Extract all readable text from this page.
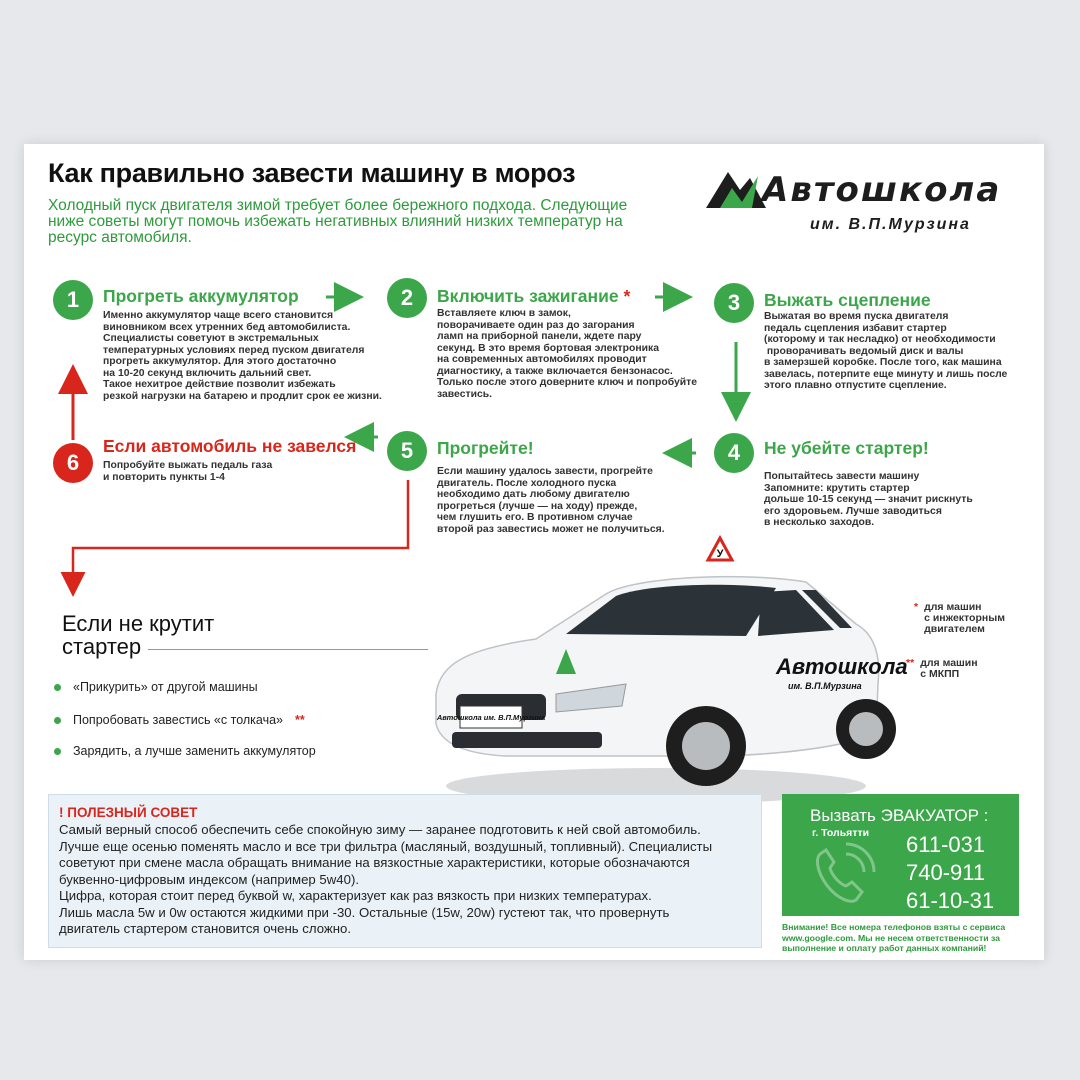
Как правильно завести машину в мороз
Холодный пуск двигателя зимой требует более бережного подхода. Следующие ниже советы могут помочь избежать негативных влияний низких температур на ресурс автомобиля.
Автошкола
им. В.П.Мурзина
1	Прогреть аккумулятор
Именно аккумулятор чаще всего становится
виновником всех утренних бед автомобилиста.
Специалисты советуют в экстремальных
температурных условиях перед пуском двигателя
прогреть аккумулятор. Для этого достаточно
на 10-20 секунд включить дальний свет.
Такое нехитрое действие позволит избежать
резкой нагрузки на батарею и продлит срок ее жизни.
2	Включить зажигание *
Вставляете ключ в замок,
поворачиваете один раз до загорания
ламп на приборной панели, ждете пару
секунд. В это время бортовая электроника
на современных автомобилях проводит
диагностику, а также включается бензонасос.
Только после этого доверните ключ и попробуйте
завестись.
3	Выжать сцепление
Выжатая во время пуска двигателя
педаль сцепления избавит стартер
(которому и так несладко) от необходимости
проворачивать ведомый диск и валы
в замерзшей коробке. После того, как машина
завелась, потерпите еще минуту и лишь после
этого плавно отпустите сцепление.
4	Не убейте стартер!
Попытайтесь завести машину
Запомните: крутить стартер
дольше 10-15 секунд — значит рискнуть
его здоровьем. Лучше заводиться
в несколько заходов.
5	Прогрейте!
Если машину удалось завести, прогрейте
двигатель. После холодного пуска
необходимо дать любому двигателю
прогреться (лучше — на ходу) прежде,
чем глушить его. В противном случае
второй раз завестись может не получиться.
6
Если автомобиль не завелся
Попробуйте выжать педаль газа
и повторить пункты 1-4
Если не крутит стартер
«Прикурить» от другой машины
Попробовать завестись «с толкача» **
Зарядить, а лучше заменить аккумулятор
У
Автошкола им. В.П.Мурзина
Автошкола
им. В.П.Мурзина
* для машин
с инжекторным
двигателем
** для машин
с МКПП
! ПОЛЕЗНЫЙ СОВЕТ
Самый верный способ обеспечить себе спокойную зиму — заранее подготовить к ней свой автомобиль.
Лучше еще осенью поменять масло и все три фильтра (масляный, воздушный, топливный). Специалисты
советуют при смене масла обращать внимание на вязкостные характеристики, которые обозначаются
буквенно-цифровым индексом (например 5w40).
Цифра, которая стоит перед буквой w, характеризует как раз вязкость при низких температурах.
Лишь масла 5w и 0w остаются жидкими при -30. Остальные (15w, 20w) густеют так, что провернуть
двигатель стартером становится очень сложно.
Вызвать ЭВАКУАТОР :
г. Тольятти 611-031
740-911
61-10-31
Внимание! Все номера телефонов взяты с сервиса www.google.com. Мы не несем ответственности за выполнение и оплату работ данных компаний!
